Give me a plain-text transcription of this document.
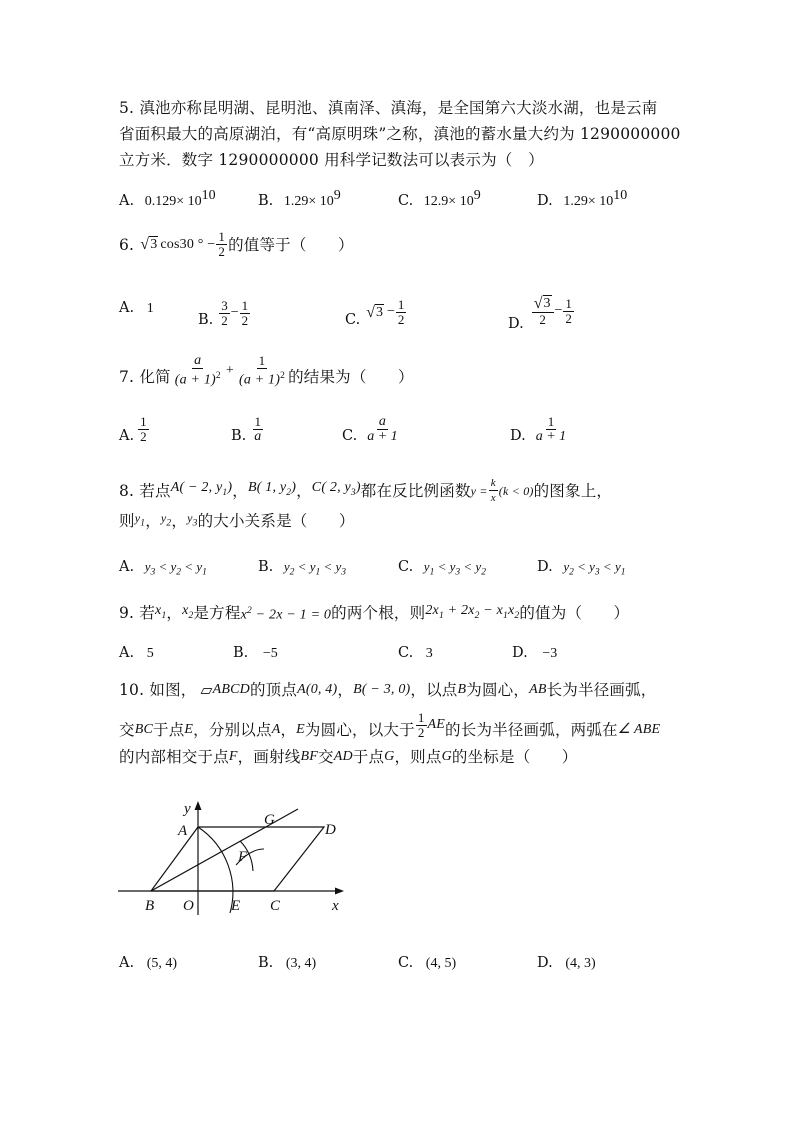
5. 滇池亦称昆明湖、昆明池、滇南泽、滇海，是全国第六大淡水湖，也是云南
省面积最大的高原湖泊，有“高原明珠”之称，滇池的蓄水量大约为 1290000000
立方米．数字 1290000000 用科学记数法可以表示为（　）
A. $0.129\times 10^{10}$	B. $1.29\times 10^9$	C. $12.9\times 10^9$	D. $1.29\times 10^{10}$
6. √ 3 cos30 ° − $\frac{1}{2}$ 的值等于（　　）
A. 1
B. $\frac{3}{2} - \frac{1}{2}$	C. √ $3 - \frac{1}{2}$	D. $\frac{√ 3}{2} - \frac{1}{2}$
7. 化简 $\frac{a}{(a + 1)^2} + \frac{1}{(a + 1)^2}$ 的结果为（　　）
A. $\frac{1}{2}$	B. $\frac{1}{a}$	C. $\frac{a}{a + 1}$	D. $\frac{1}{a + 1}$
8. 若点 A( − 2, $y_1$) ， B( 1, $y_2$) ， C( 2, $y_3$) 都在反比例函数 $y = \frac{k}{x} (k < 0)$ 的图象上，
则 $y_1$ ， $y_2$ ， $y_3$ 的大小关系是（　　）
A. $y_3 < y_2 < y_1$	B. $y_2 < y_1 < y_3$	C. $y_1 < y_3 < y_2$	D. $y_2 < y_3 < y_1$
9. 若 $x_1$ ， $x_2$ 是方程 $x^2 - 2x - 1 = 0$ 的两个根，则 $2x_1 + 2x_2 - x_1x_2$ 的值为（　　）
A. 5	B. −5	C. 3	D. −3
10. 如图， ▱ ABCD 的顶点 A(0, 4) ， B( − 3, 0) ，以点 B 为圆心， AB 长为半径画弧，
交 BC 于点 E ，分别以点 A ， E 为圆心，以大于 $\frac{1}{2}$ AE 的长为半径画弧，两弧在 ∠ ABE
的内部相交于点 F ，画射线 BF 交 AD 于点 G ，则点 G 的坐标是（　　）
y
A
G
D
F
B O E C	x
A. (5, 4)	B. (3, 4)	C. (4, 5)	D. (4, 3)
